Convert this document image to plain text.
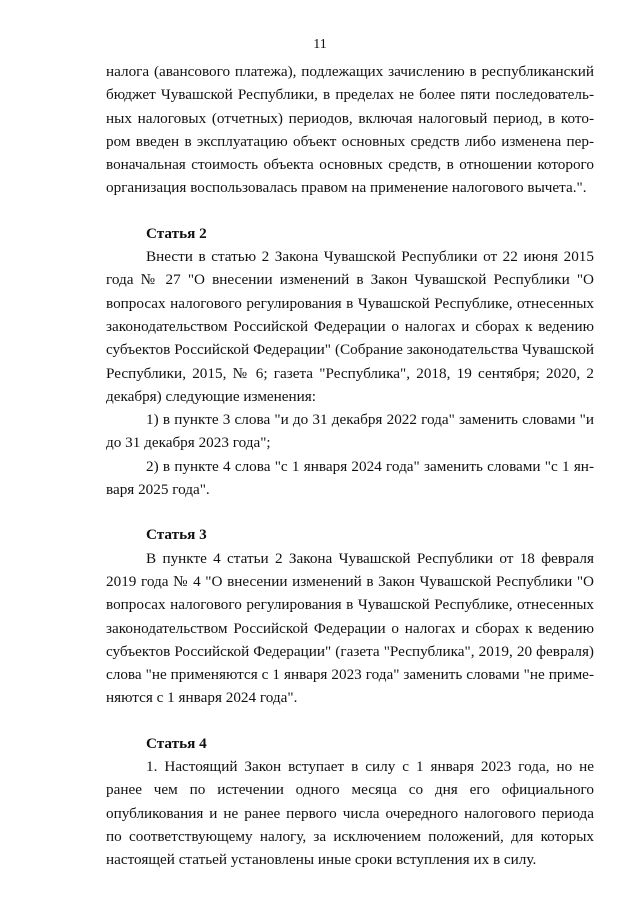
11

налога (авансового платежа), подлежащих зачислению в республиканский бюджет Чувашской Республики, в пределах не более пяти последовательных налоговых (отчетных) периодов, включая налоговый период, в котором введен в эксплуатацию объект основных средств либо изменена первоначальная стоимость объекта основных средств, в отношении которого организация воспользовалась правом на применение налогового вычета.".

Статья 2

Внести в статью 2 Закона Чувашской Республики от 22 июня 2015 года № 27 "О внесении изменений в Закон Чувашской Республики "О вопросах налогового регулирования в Чувашской Республике, отнесенных законодательством Российской Федерации о налогах и сборах к ведению субъектов Российской Федерации" (Собрание законодательства Чувашской Республики, 2015, № 6; газета "Республика", 2018, 19 сентября; 2020, 2 декабря) следующие изменения:

1) в пункте 3 слова "и до 31 декабря 2022 года" заменить словами "и до 31 декабря 2023 года";

2) в пункте 4 слова "с 1 января 2024 года" заменить словами "с 1 января 2025 года".

Статья 3

В пункте 4 статьи 2 Закона Чувашской Республики от 18 февраля 2019 года № 4 "О внесении изменений в Закон Чувашской Республики "О вопросах налогового регулирования в Чувашской Республике, отнесенных законодательством Российской Федерации о налогах и сборах к ведению субъектов Российской Федерации" (газета "Республика", 2019, 20 февраля) слова "не применяются с 1 января 2023 года" заменить словами "не применяются с 1 января 2024 года".

Статья 4

1. Настоящий Закон вступает в силу с 1 января 2023 года, но не ранее чем по истечении одного месяца со дня его официального опубликования и не ранее первого числа очередного налогового периода по соответствующему налогу, за исключением положений, для которых настоящей статьей установлены иные сроки вступления их в силу.
